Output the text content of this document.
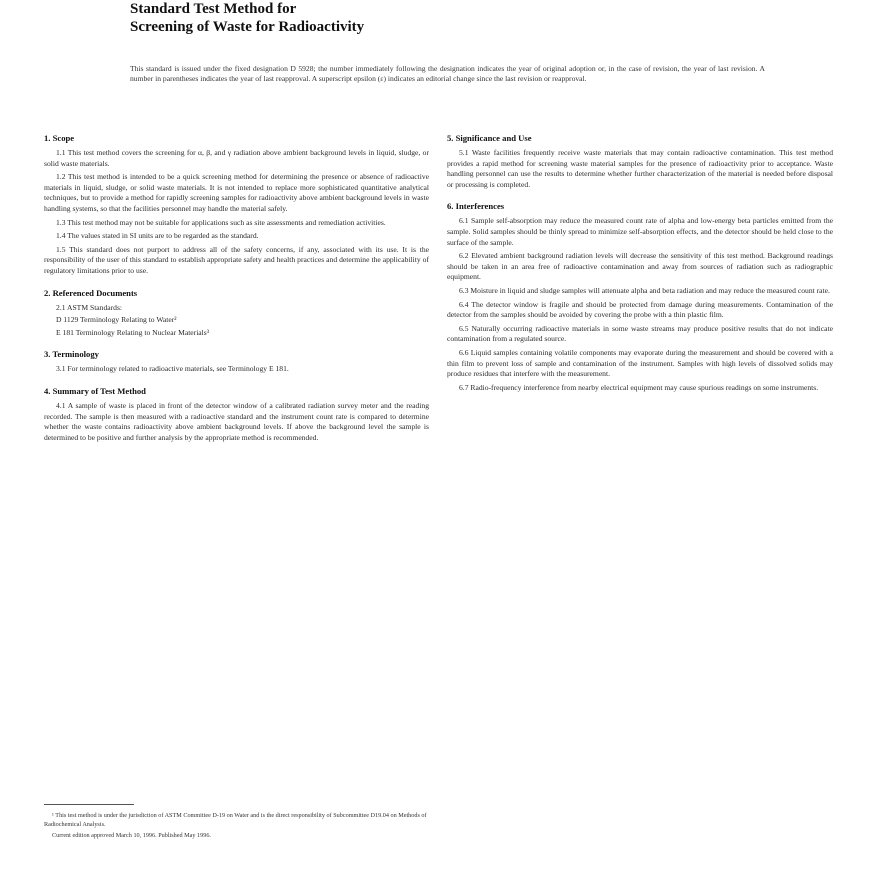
Standard Test Method for
Screening of Waste for Radioactivity
This standard is issued under the fixed designation D 5928; the number immediately following the designation indicates the year of original adoption or, in the case of revision, the year of last revision. A number in parentheses indicates the year of last reapproval. A superscript epsilon (ε) indicates an editorial change since the last revision or reapproval.
1. Scope

1.1 This test method covers the screening for α, β, and γ radiation above ambient background levels in liquid, sludge, or solid waste materials.

1.2 This test method is intended to be a quick screening method for determining the presence or absence of radioactive materials in liquid, sludge, or solid waste materials. It is not intended to replace more sophisticated quantitative analytical techniques, but to provide a method for rapidly screening samples for radioactivity above ambient background levels in waste handling systems, so that the facilities personnel may handle the material safely.

1.3 This test method may not be suitable for applications such as site assessments and remediation activities.

1.4 The values stated in SI units are to be regarded as the standard.

1.5 This standard does not purport to address all of the safety concerns, if any, associated with its use. It is the responsibility of the user of this standard to establish appropriate safety and health practices and determine the applicability of regulatory limitations prior to use.

2. Referenced Documents

2.1 ASTM Standards:

D 1129 Terminology Relating to Water²

E 181 Terminology Relating to Nuclear Materials³

3. Terminology

3.1 For terminology related to radioactive materials, see Terminology E 181.

4. Summary of Test Method

4.1 A sample of waste is placed in front of the detector window of a calibrated radiation survey meter and the reading recorded. The sample is then measured with a radioactive standard and the instrument count rate is compared to determine whether the waste contains radioactivity above ambient background levels. If above the background level the sample is determined to be positive and further analysis by the appropriate method is recommended.

5. Significance and Use

5.1 Waste facilities frequently receive waste materials that may contain radioactive contamination. This test method provides a rapid method for screening waste material samples for the presence of radioactivity prior to acceptance. Waste handling personnel can use the results to determine whether further characterization of the material is needed before disposal or processing is completed.

6. Interferences

6.1 Sample self-absorption may reduce the measured count rate of alpha and low-energy beta particles emitted from the sample. Solid samples should be thinly spread to minimize self-absorption effects, and the detector should be held close to the surface of the sample.

6.2 Elevated ambient background radiation levels will decrease the sensitivity of this test method. Background readings should be taken in an area free of radioactive contamination and away from sources of radiation such as radiographic equipment.

6.3 Moisture in liquid and sludge samples will attenuate alpha and beta radiation and may reduce the measured count rate.

6.4 The detector window is fragile and should be protected from damage during measurements. Contamination of the detector from the samples should be avoided by covering the probe with a thin plastic film.

6.5 Naturally occurring radioactive materials in some waste streams may produce positive results that do not indicate contamination from a regulated source.

6.6 Liquid samples containing volatile components may evaporate during the measurement and should be covered with a thin film to prevent loss of sample and contamination of the instrument. Samples with high levels of dissolved solids may produce residues that interfere with the measurement.

6.7 Radio-frequency interference from nearby electrical equipment may cause spurious readings on some instruments.

¹ This test method is under the jurisdiction of ASTM Committee D-19 on Water and is the direct responsibility of Subcommittee D19.04 on Methods of Radiochemical Analysis.

Current edition approved March 10, 1996. Published May 1996.
